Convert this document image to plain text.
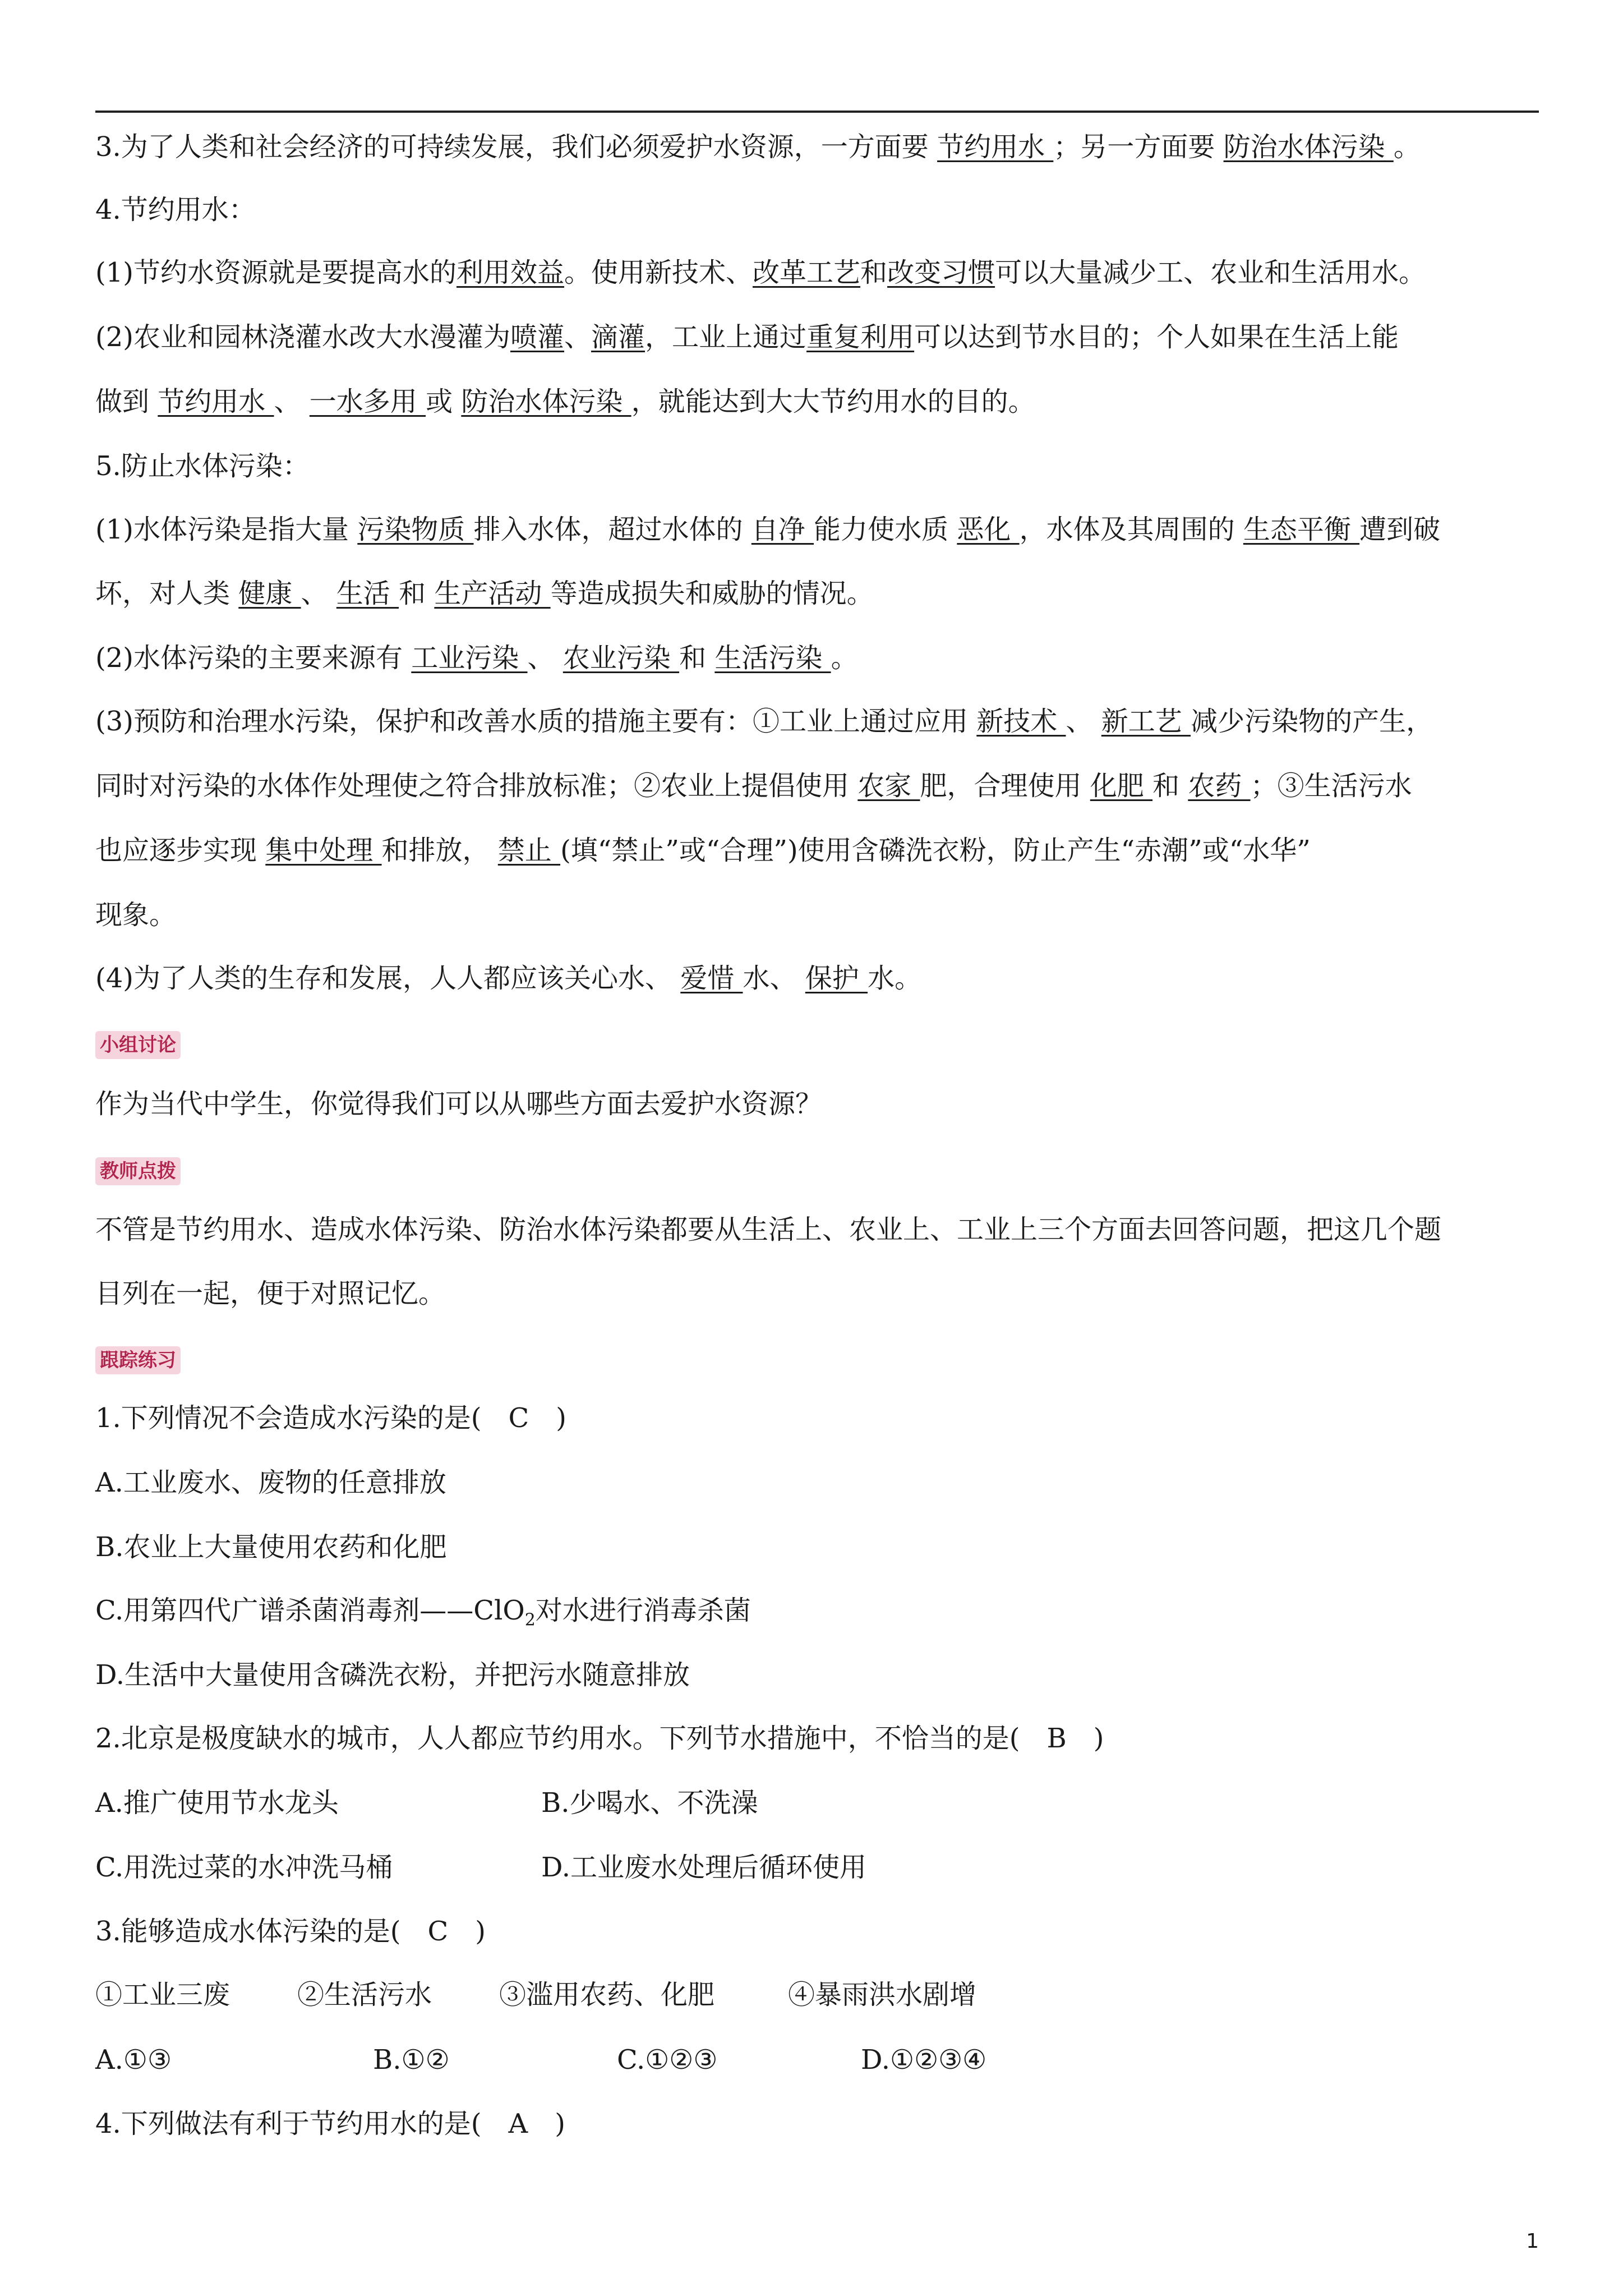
3.为了人类和社会经济的可持续发展，我们必须爱护水资源，一方面要 节约用水 ；另一方面要 防治水体污染 。
4.节约用水：
(1)节约水资源就是要提高水的利用效益。使用新技术、改革工艺和改变习惯可以大量减少工、农业和生活用水。
(2)农业和园林浇灌水改大水漫灌为喷灌、滴灌，工业上通过重复利用可以达到节水目的；个人如果在生活上能
做到 节约用水 、 一水多用 或 防治水体污染 ，就能达到大大节约用水的目的。
5.防止水体污染：
(1)水体污染是指大量 污染物质 排入水体，超过水体的 自净 能力使水质 恶化 ，水体及其周围的 生态平衡 遭到破
坏，对人类 健康 、 生活 和 生产活动 等造成损失和威胁的情况。
(2)水体污染的主要来源有 工业污染 、 农业污染 和 生活污染 。
(3)预防和治理水污染，保护和改善水质的措施主要有：①工业上通过应用 新技术 、 新工艺 减少污染物的产生，
同时对污染的水体作处理使之符合排放标准；②农业上提倡使用 农家 肥，合理使用 化肥 和 农药 ；③生活污水
也应逐步实现 集中处理 和排放， 禁止 (填“禁止”或“合理”)使用含磷洗衣粉，防止产生“赤潮”或“水华”
现象。
(4)为了人类的生存和发展，人人都应该关心水、 爱惜 水、 保护 水。
小组讨论
作为当代中学生，你觉得我们可以从哪些方面去爱护水资源？
教师点拨
不管是节约用水、造成水体污染、防治水体污染都要从生活上、农业上、工业上三个方面去回答问题，把这几个题
目列在一起，便于对照记忆。
跟踪练习
1.下列情况不会造成水污染的是(　C　)
A.工业废水、废物的任意排放
B.农业上大量使用农药和化肥
C.用第四代广谱杀菌消毒剂——ClO$_2$对水进行消毒杀菌
D.生活中大量使用含磷洗衣粉，并把污水随意排放
2.北京是极度缺水的城市，人人都应节约用水。下列节水措施中，不恰当的是(　B　)
A.推广使用节水龙头	B.少喝水、不洗澡
C.用洗过菜的水冲洗马桶	D.工业废水处理后循环使用
3.能够造成水体污染的是(　C　)
①工业三废 ②生活污水 ③滥用农药、化肥	④暴雨洪水剧增
A.①③	B.①②	C.①②③	D.①②③④
4.下列做法有利于节约用水的是(　A　)
1
